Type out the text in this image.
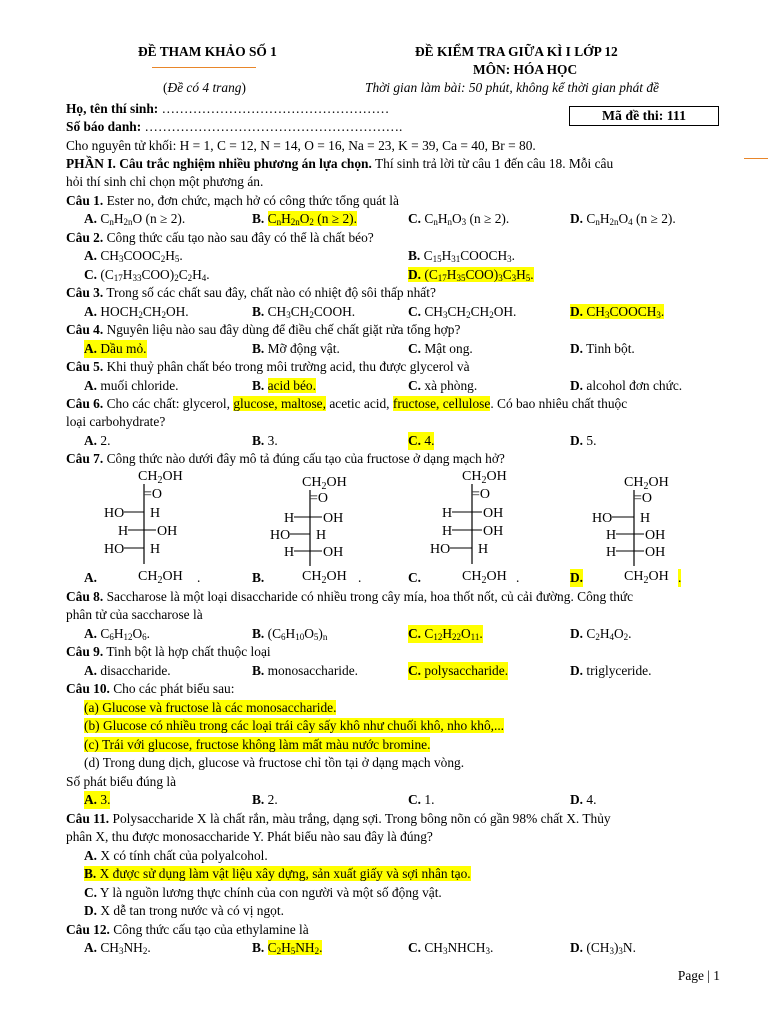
ĐỀ THAM KHẢO SỐ 1
(Đề có 4 trang)
ĐỀ KIỂM TRA GIỮA KÌ I LỚP 12
MÔN: HÓA HỌC
Thời gian làm bài: 50 phút, không kể thời gian phát đề
Họ, tên thí sinh: ……………………………………………
Số báo danh: ………………………………………………….
Mã đề thi: 111
Cho nguyên tử khối: H = 1, C = 12, N = 14, O = 16, Na = 23, K = 39, Ca = 40, Br = 80.
PHẦN I. Câu trắc nghiệm nhiều phương án lựa chọn. Thí sinh trả lời từ câu 1 đến câu 18. Mỗi câu
hỏi thí sinh chỉ chọn một phương án.
Câu 1. Ester no, đơn chức, mạch hở có công thức tổng quát là
A. $C_nH_{2n}O$ (n ≥ 2).	B. $C_nH_{2n}O_2$ (n ≥ 2).	C. $C_nH_nO_3$ (n ≥ 2).	D. $C_nH_{2n}O_4$ (n ≥ 2).
Câu 2. Công thức cấu tạo nào sau đây có thể là chất béo?
A. $CH_3COOC_2H_5$.	B. $C_{15}H_{31}COOCH_3$.
C. $(C_{17}H_{33}COO)_2C_2H_4$.	D. $(C_{17}H_{35}COO)_3C_3H_5$.
Câu 3. Trong số các chất sau đây, chất nào có nhiệt độ sôi thấp nhất?
A. $HOCH_2CH_2OH$.	B. $CH_3CH_2COOH$.	C. $CH_3CH_2CH_2OH$.	D. $CH_3COOCH_3$.
Câu 4. Nguyên liệu nào sau đây dùng để điều chế chất giặt rửa tổng hợp?
A. Dầu mỏ.	B. Mỡ động vật.	C. Mật ong.	D. Tinh bột.
Câu 5. Khi thuỷ phân chất béo trong môi trường acid, thu được glycerol và
A. muối chloride.	B. acid béo.	C. xà phòng.	D. alcohol đơn chức.
Câu 6. Cho các chất: glycerol, glucose, maltose, acetic acid, fructose, cellulose. Có bao nhiêu chất thuộc
loại carbohydrate?
A. 2.	B. 3.	C. 4.	D. 5.
Câu 7. Công thức nào dưới đây mô tả đúng cấu tạo của fructose ở dạng mạch hở?
$CH_2OH$
=O
HO H
H OH
HO H
$CH_2OH$
$CH_2OH$
=O
H OH
HO H
H OH
$CH_2OH$
$CH_2OH$
=O
H OH
H OH
HO H
$CH_2OH$
$CH_2OH$
=O
HO H
H OH
H OH
$CH_2OH$
A.	.	B.	.	C.	.	D.	.
Câu 8. Saccharose là một loại disaccharide có nhiều trong cây mía, hoa thốt nốt, củ cải đường. Công thức
phân tử của saccharose là
A. $C_6H_{12}O_6$.	B. $(C_6H_{10}O_5)_n$	C. $C_{12}H_{22}O_{11}$.	D. $C_2H_4O_2$.
Câu 9. Tinh bột là hợp chất thuộc loại
A. disaccharide.	B. monosaccharide.	C. polysaccharide.	D. triglyceride.
Câu 10. Cho các phát biểu sau:
(a) Glucose và fructose là các monosaccharide.
(b) Glucose có nhiều trong các loại trái cây sấy khô như chuối khô, nho khô,...
(c) Trái với glucose, fructose không làm mất màu nước bromine.
(d) Trong dung dịch, glucose và fructose chỉ tồn tại ở dạng mạch vòng.
Số phát biểu đúng là
A. 3.	B. 2.	C. 1.	D. 4.
Câu 11. Polysaccharide X là chất rắn, màu trắng, dạng sợi. Trong bông nõn có gần 98% chất X. Thủy
phân X, thu được monosaccharide Y. Phát biểu nào sau đây là đúng?
A. X có tính chất của polyalcohol.
B. X được sử dụng làm vật liệu xây dựng, sản xuất giấy và sợi nhân tạo.
C. Y là nguồn lương thực chính của con người và một số động vật.
D. X dễ tan trong nước và có vị ngọt.
Câu 12. Công thức cấu tạo của ethylamine là
A. $CH_3NH_2$.	B. $C_2H_5NH_2$.	C. $CH_3NHCH_3$.	D. $(CH_3)_3N$.
Page | 1
